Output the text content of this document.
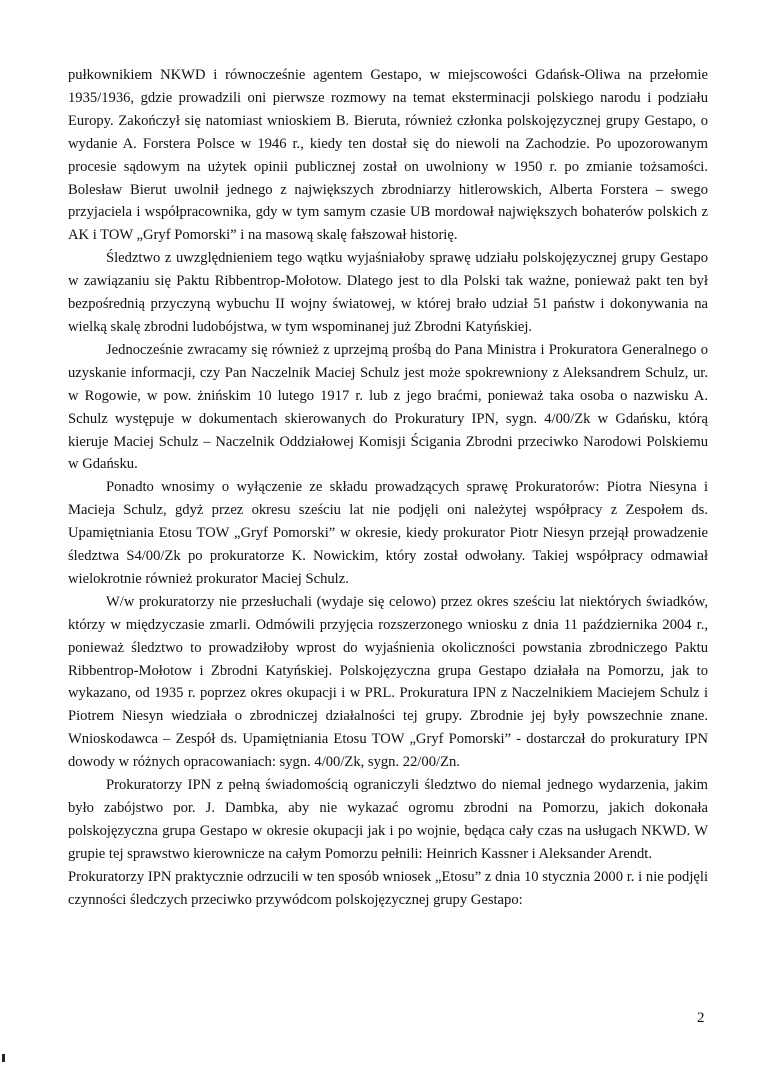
pułkownikiem NKWD i równocześnie agentem Gestapo, w miejscowości Gdańsk-Oliwa na przełomie 1935/1936, gdzie prowadzili oni pierwsze rozmowy na temat eksterminacji polskiego narodu i podziału Europy. Zakończył się natomiast wnioskiem B. Bieruta, również członka polskojęzycznej grupy Gestapo, o wydanie A. Forstera Polsce w 1946 r., kiedy ten dostał się do niewoli na Zachodzie. Po upozorowanym procesie sądowym na użytek opinii publicznej został on uwolniony w 1950 r. po zmianie tożsamości. Bolesław Bierut uwolnił jednego z największych zbrodniarzy hitlerowskich, Alberta Forstera – swego przyjaciela i współpracownika, gdy w tym samym czasie UB mordował największych bohaterów polskich z AK i TOW „Gryf Pomorski” i na masową skalę fałszował historię.

Śledztwo z uwzględnieniem tego wątku wyjaśniałoby sprawę udziału polskojęzycznej grupy Gestapo w zawiązaniu się Paktu Ribbentrop-Mołotow. Dlatego jest to dla Polski tak ważne, ponieważ pakt ten był bezpośrednią przyczyną wybuchu II wojny światowej, w której brało udział 51 państw i dokonywania na wielką skalę zbrodni ludobójstwa, w tym wspominanej już Zbrodni Katyńskiej.

Jednocześnie zwracamy się również z uprzejmą prośbą do Pana Ministra i Prokuratora Generalnego o uzyskanie informacji, czy Pan Naczelnik Maciej Schulz jest może spokrewniony z Aleksandrem Schulz, ur. w Rogowie, w pow. żnińskim 10 lutego 1917 r. lub z jego braćmi, ponieważ taka osoba o nazwisku A. Schulz występuje w dokumentach skierowanych do Prokuratury IPN, sygn. 4/00/Zk w Gdańsku, którą kieruje Maciej Schulz – Naczelnik Oddziałowej Komisji Ścigania Zbrodni przeciwko Narodowi Polskiemu w Gdańsku.

Ponadto wnosimy o wyłączenie ze składu prowadzących sprawę Prokuratorów: Piotra Niesyna i Macieja Schulz, gdyż przez okresu sześciu lat nie podjęli oni należytej współpracy z Zespołem ds. Upamiętniania Etosu TOW „Gryf Pomorski” w okresie, kiedy prokurator Piotr Niesyn przejął prowadzenie śledztwa S4/00/Zk po prokuratorze K. Nowickim, który został odwołany. Takiej współpracy odmawiał wielokrotnie również prokurator Maciej Schulz.

W/w prokuratorzy nie przesłuchali (wydaje się celowo) przez okres sześciu lat niektórych świadków, którzy w międzyczasie zmarli. Odmówili przyjęcia rozszerzonego wniosku z dnia 11 października 2004 r., ponieważ śledztwo to prowadziłoby wprost do wyjaśnienia okoliczności powstania zbrodniczego Paktu Ribbentrop-Mołotow i Zbrodni Katyńskiej. Polskojęzyczna grupa Gestapo działała na Pomorzu, jak to wykazano, od 1935 r. poprzez okres okupacji i w PRL. Prokuratura IPN z Naczelnikiem Maciejem Schulz i Piotrem Niesyn wiedziała o zbrodniczej działalności tej grupy. Zbrodnie jej były powszechnie znane. Wnioskodawca – Zespół ds. Upamiętniania Etosu TOW „Gryf Pomorski” - dostarczał do prokuratury IPN dowody w różnych opracowaniach: sygn. 4/00/Zk, sygn. 22/00/Zn.

Prokuratorzy IPN z pełną świadomością ograniczyli śledztwo do niemal jednego wydarzenia, jakim było zabójstwo por. J. Dambka, aby nie wykazać ogromu zbrodni na Pomorzu, jakich dokonała polskojęzyczna grupa Gestapo w okresie okupacji jak i po wojnie, będąca cały czas na usługach NKWD. W grupie tej sprawstwo kierownicze na całym Pomorzu pełnili: Heinrich Kassner i Aleksander Arendt.

Prokuratorzy IPN praktycznie odrzucili w ten sposób wniosek „Etosu” z dnia 10 stycznia 2000 r. i nie podjęli czynności śledczych przeciwko przywódcom polskojęzycznej grupy Gestapo:

2
